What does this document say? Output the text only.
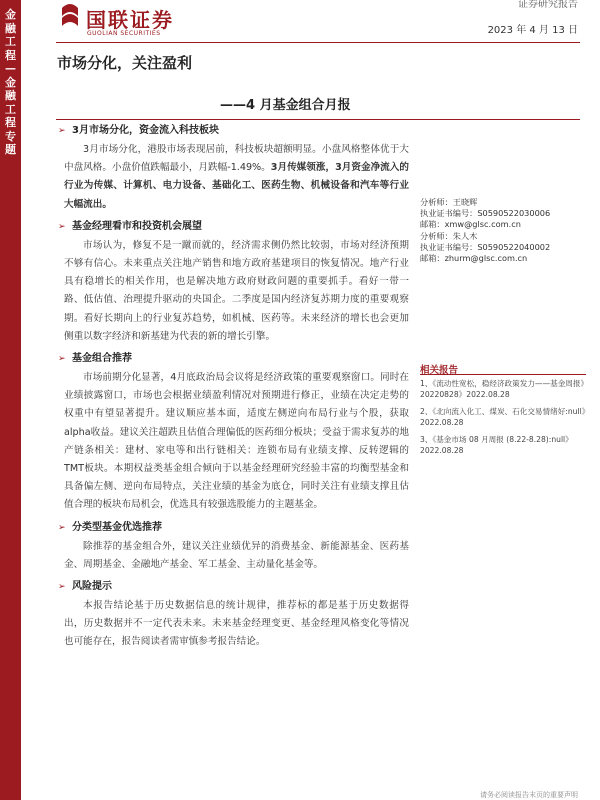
金融工程—金融工程专题
国联证券
GUOLIAN SECURITIES
证券研究报告
2023 年 4 月 13 日
市场分化，关注盈利
——4 月基金组合月报
➢ 3月市场分化，资金流入科技板块

3月市场分化，港股市场表现居前，科技板块超额明显。小盘风格整体优于大中盘风格。小盘价值跌幅最小，月跌幅-1.49%。3月传媒领涨，3月资金净流入的行业为传媒、计算机、电力设备、基础化工、医药生物、机械设备和汽车等行业大幅流出。

➢ 基金经理看市和投资机会展望

市场认为，修复不是一蹴而就的，经济需求侧仍然比较弱，市场对经济预期不够有信心。未来重点关注地产销售和地方政府基建项目的恢复情况。地产行业具有稳增长的相关作用，也是解决地方政府财政问题的重要抓手。看好一带一路、低估值、治理提升驱动的央国企。二季度是国内经济复苏期力度的重要观察期。看好长期向上的行业复苏趋势，如机械、医药等。未来经济的增长也会更加侧重以数字经济和新基建为代表的新的增长引擎。

➢ 基金组合推荐

市场前期分化显著，4月底政治局会议将是经济政策的重要观察窗口。同时在业绩披露窗口，市场也会根据业绩盈利情况对预期进行修正，业绩在决定走势的权重中有望显著提升。建议顺应基本面，适度左侧逆向布局行业与个股，获取alpha收益。建议关注超跌且估值合理偏低的医药细分板块；受益于需求复苏的地产链条相关：建材、家电等和出行链相关：连锁布局有业绩支撑、反转逻辑的TMT板块。本期权益类基金组合倾向于以基金经理研究经验丰富的均衡型基金和具备偏左侧、逆向布局特点，关注业绩的基金为底仓，同时关注有业绩支撑且估值合理的板块布局机会，优选具有较强选股能力的主题基金。

➢ 分类型基金优选推荐

除推荐的基金组合外，建议关注业绩优异的消费基金、新能源基金、医药基金、周期基金、金融地产基金、军工基金、主动量化基金等。

➢ 风险提示

本报告结论基于历史数据信息的统计规律，推荐标的都是基于历史数据得出，历史数据并不一定代表未来。未来基金经理变更、基金经理风格变化等情况也可能存在，报告阅读者需审慎参考报告结论。

分析师：王晓辉
执业证书编号：S0590522030006
邮箱：xmw@glsc.com.cn
分析师：朱人木
执业证书编号：S0590522040002
邮箱：zhurm@glsc.com.cn
相关报告
1、《流动性宽松，稳经济政策发力——基金周报》20220828》2022.08.28
2、《北向流入化工、煤炭、石化交易情绪好:null》2022.08.28
3、《基金市场 08 月周报 (8.22-8.28):null》2022.08.28
请务必阅读报告末页的重要声明
